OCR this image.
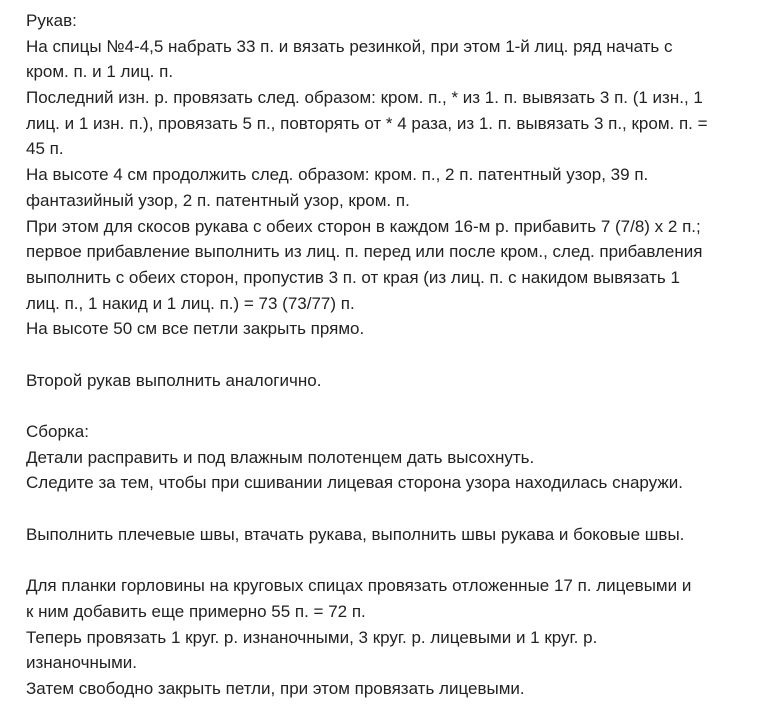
Рукав:
На спицы №4-4,5 набрать 33 п. и вязать резинкой, при этом 1-й лиц. ряд начать с
кром. п. и 1 лиц. п.
Последний изн. р. провязать след. образом: кром. п., * из 1. п. вывязать 3 п. (1 изн., 1
лиц. и 1 изн. п.), провязать 5 п., повторять от * 4 раза, из 1. п. вывязать 3 п., кром. п. =
45 п.
На высоте 4 см продолжить след. образом: кром. п., 2 п. патентный узор, 39 п.
фантазийный узор, 2 п. патентный узор, кром. п.
При этом для скосов рукава с обеих сторон в каждом 16-м р. прибавить 7 (7/8) х 2 п.;
первое прибавление выполнить из лиц. п. перед или после кром., след. прибавления
выполнить с обеих сторон, пропустив 3 п. от края (из лиц. п. с накидом вывязать 1
лиц. п., 1 накид и 1 лиц. п.) = 73 (73/77) п.
На высоте 50 см все петли закрыть прямо.
Второй рукав выполнить аналогично.
Сборка:
Детали расправить и под влажным полотенцем дать высохнуть.
Следите за тем, чтобы при сшивании лицевая сторона узора находилась снаружи.
Выполнить плечевые швы, втачать рукава, выполнить швы рукава и боковые швы.
Для планки горловины на круговых спицах провязать отложенные 17 п. лицевыми и
к ним добавить еще примерно 55 п. = 72 п.
Теперь провязать 1 круг. р. изнаночными, 3 круг. р. лицевыми и 1 круг. р.
изнаночными.
Затем свободно закрыть петли, при этом провязать лицевыми.
